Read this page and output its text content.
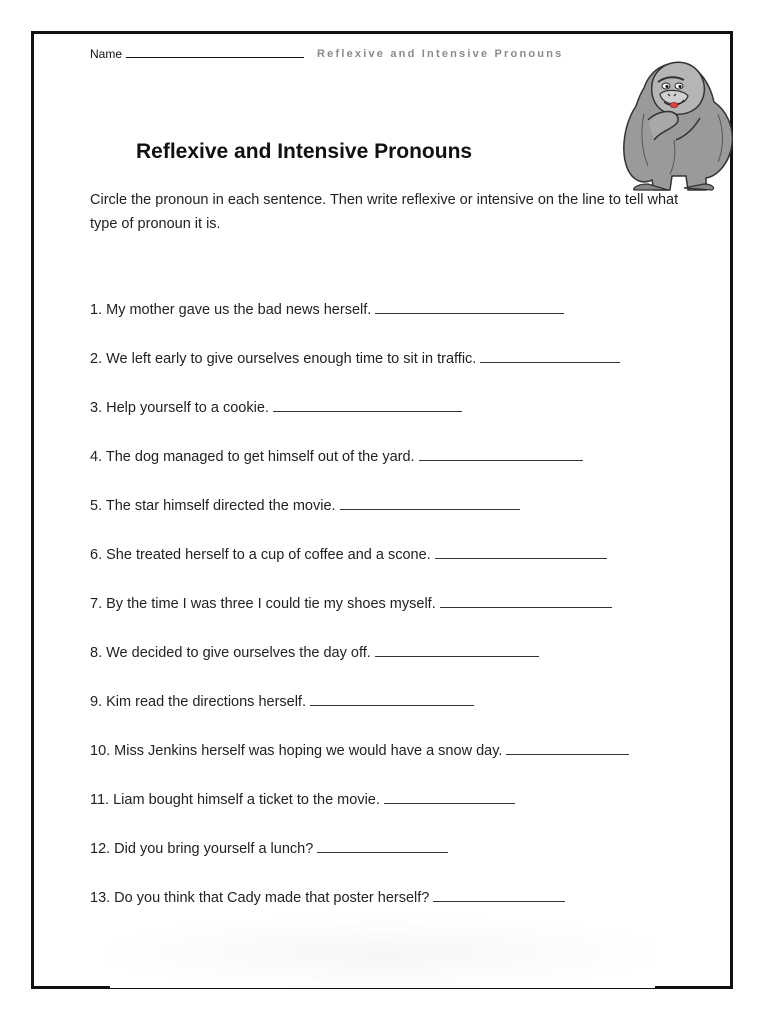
Name	Reflexive and Intensive Pronouns
Reflexive and Intensive Pronouns
Circle the pronoun in each sentence. Then write reflexive or intensive on the line to tell what type of pronoun it is.
1. My mother gave us the bad news herself.
2. We left early to give ourselves enough time to sit in traffic.
3. Help yourself to a cookie.
4. The dog managed to get himself out of the yard.
5. The star himself directed the movie.
6. She treated herself to a cup of coffee and a scone.
7. By the time I was three I could tie my shoes myself.
8. We decided to give ourselves the day off.
9. Kim read the directions herself.
10. Miss Jenkins herself was hoping we would have a snow day.
11. Liam bought himself a ticket to the movie.
12. Did you bring yourself a lunch?
13. Do you think that Cady made that poster herself?
